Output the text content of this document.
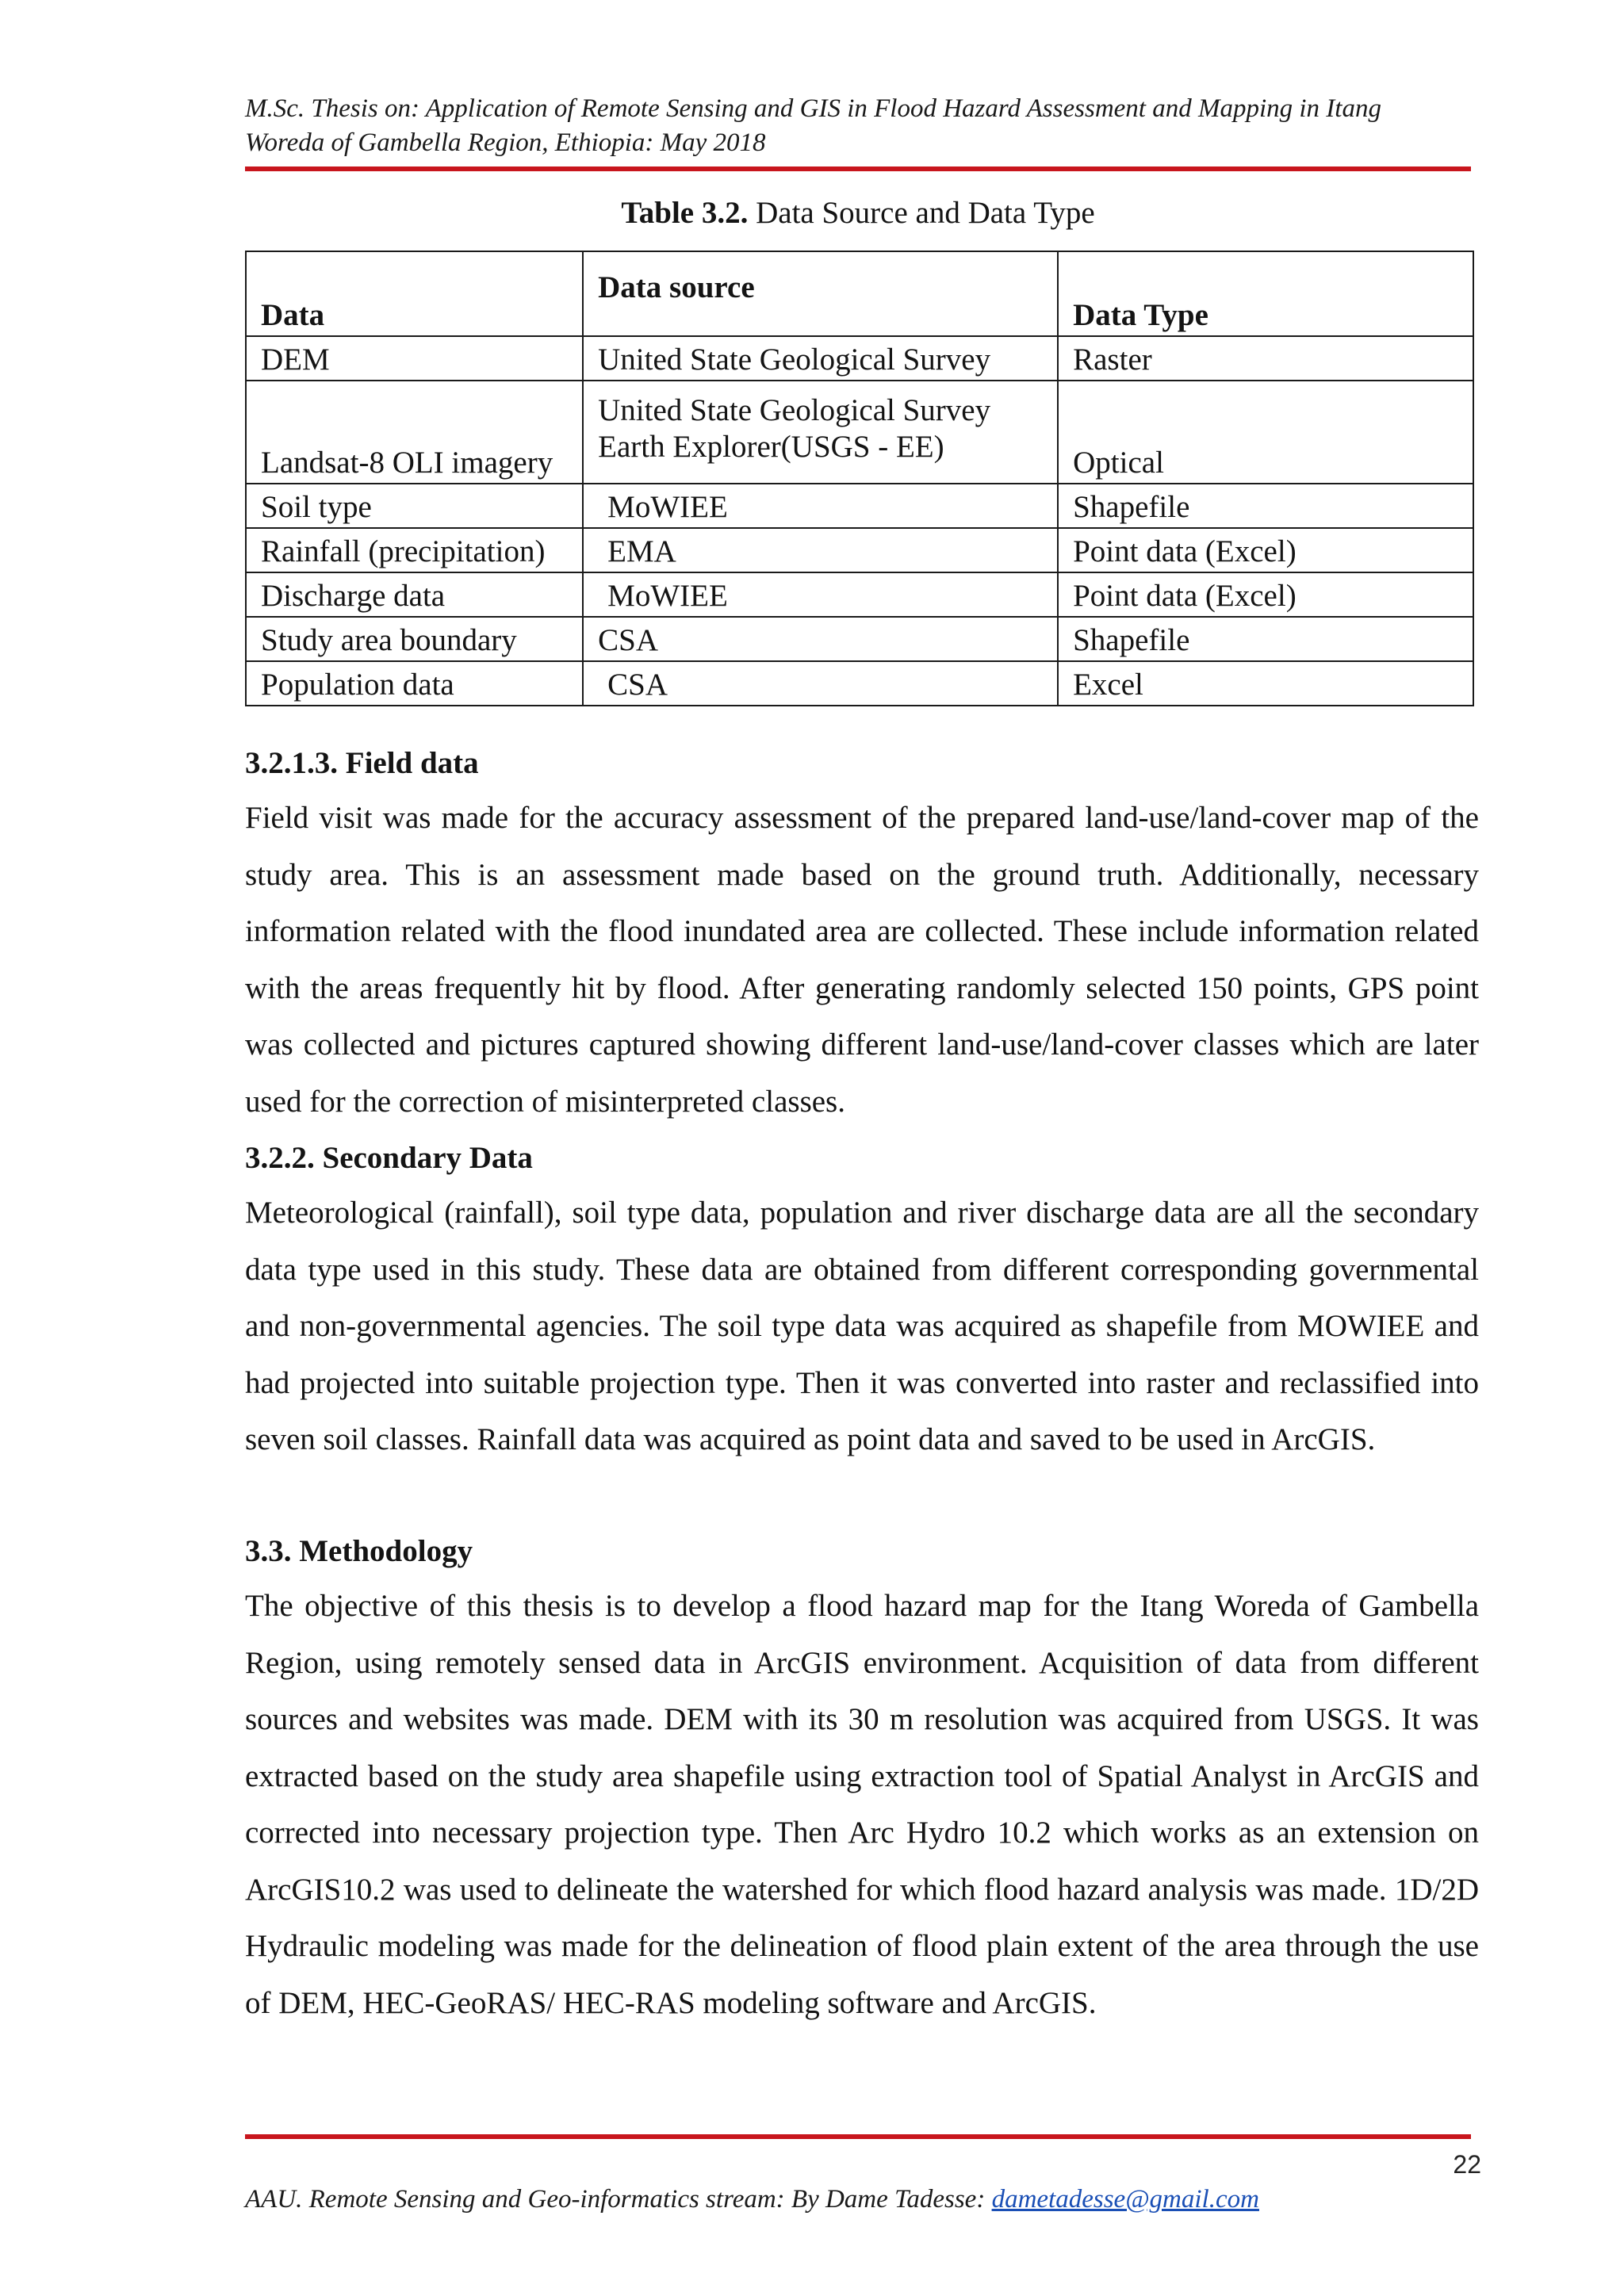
M.Sc. Thesis on: Application of Remote Sensing and GIS in Flood Hazard Assessment and Mapping in Itang
Woreda of Gambella Region, Ethiopia: May 2018
Table 3.2. Data Source and Data Type
Data	Data source	Data Type
DEM	United State Geological Survey	Raster
Landsat-8 OLI imagery	United State Geological Survey Earth Explorer(USGS - EE)	Optical
Soil type	MoWIEE	Shapefile
Rainfall (precipitation)	EMA	Point data (Excel)
Discharge data	MoWIEE	Point data (Excel)
Study area boundary	CSA	Shapefile
Population data	CSA	Excel
3.2.1.3. Field data

Field visit was made for the accuracy assessment of the prepared land-use/land-cover map of the study area. This is an assessment made based on the ground truth. Additionally, necessary information related with the flood inundated area are collected. These include information related with the areas frequently hit by flood. After generating randomly selected 150 points, GPS point was collected and pictures captured showing different land-use/land-cover classes which are later used for the correction of misinterpreted classes.

3.2.2. Secondary Data

Meteorological (rainfall), soil type data, population and river discharge data are all the secondary data type used in this study. These data are obtained from different corresponding governmental and non-governmental agencies. The soil type data was acquired as shapefile from MOWIEE and had projected into suitable projection type. Then it was converted into raster and reclassified into seven soil classes. Rainfall data was acquired as point data and saved to be used in ArcGIS.

3.3. Methodology

The objective of this thesis is to develop a flood hazard map for the Itang Woreda of Gambella Region, using remotely sensed data in ArcGIS environment. Acquisition of data from different sources and websites was made. DEM with its 30 m resolution was acquired from USGS. It was extracted based on the study area shapefile using extraction tool of Spatial Analyst in ArcGIS and corrected into necessary projection type. Then Arc Hydro 10.2 which works as an extension on ArcGIS10.2 was used to delineate the watershed for which flood hazard analysis was made. 1D/2D Hydraulic modeling was made for the delineation of flood plain extent of the area through the use of DEM, HEC-GeoRAS/ HEC-RAS modeling software and ArcGIS.

22
AAU. Remote Sensing and Geo-informatics stream: By Dame Tadesse: dametadesse@gmail.com
